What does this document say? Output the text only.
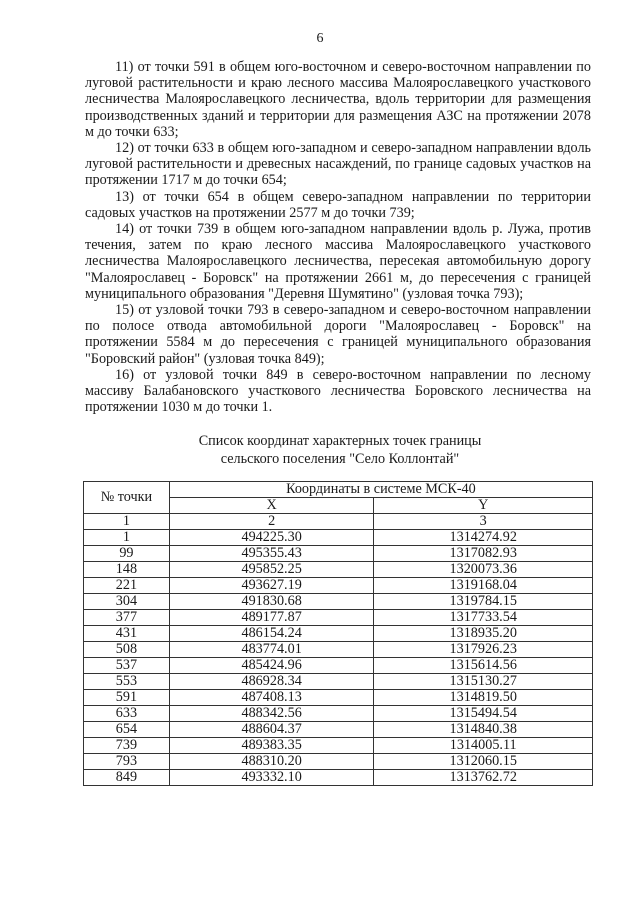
6

11) от точки 591 в общем юго-восточном и северо-восточном направлении по луговой растительности и краю лесного массива Малоярославецкого участкового лесничества Малоярославецкого лесничества, вдоль территории для размещения производственных зданий и территории для размещения АЗС на протяжении 2078 м до точки 633;

12) от точки 633 в общем юго-западном и северо-западном направлении вдоль луговой растительности и древесных насаждений, по границе садовых участков на протяжении 1717 м до точки 654;

13) от точки 654 в общем северо-западном направлении по территории садовых участков на протяжении 2577 м до точки 739;

14) от точки 739 в общем юго-западном направлении вдоль р. Лужа, против течения, затем по краю лесного массива Малоярославецкого участкового лесничества Малоярославецкого лесничества, пересекая автомобильную дорогу "Малоярославец - Боровск" на протяжении 2661 м, до пересечения с границей муниципального образования "Деревня Шумятино" (узловая точка 793);

15) от узловой точки 793 в северо-западном и северо-восточном направлении по полосе отвода автомобильной дороги "Малоярославец - Боровск" на протяжении 5584 м до пересечения с границей муниципального образования "Боровский район" (узловая точка 849);

16) от узловой точки 849 в северо-восточном направлении по лесному массиву Балабановского участкового лесничества Боровского лесничества на протяжении 1030 м до точки 1.

Список координат характерных точек границы
сельского поселения "Село Коллонтай"
№ точки	Координаты в системе МСК-40	
	X	Y
1	2	3
1	494225.30	1314274.92
99	495355.43	1317082.93
148	495852.25	1320073.36
221	493627.19	1319168.04
304	491830.68	1319784.15
377	489177.87	1317733.54
431	486154.24	1318935.20
508	483774.01	1317926.23
537	485424.96	1315614.56
553	486928.34	1315130.27
591	487408.13	1314819.50
633	488342.56	1315494.54
654	488604.37	1314840.38
739	489383.35	1314005.11
793	488310.20	1312060.15
849	493332.10	1313762.72
